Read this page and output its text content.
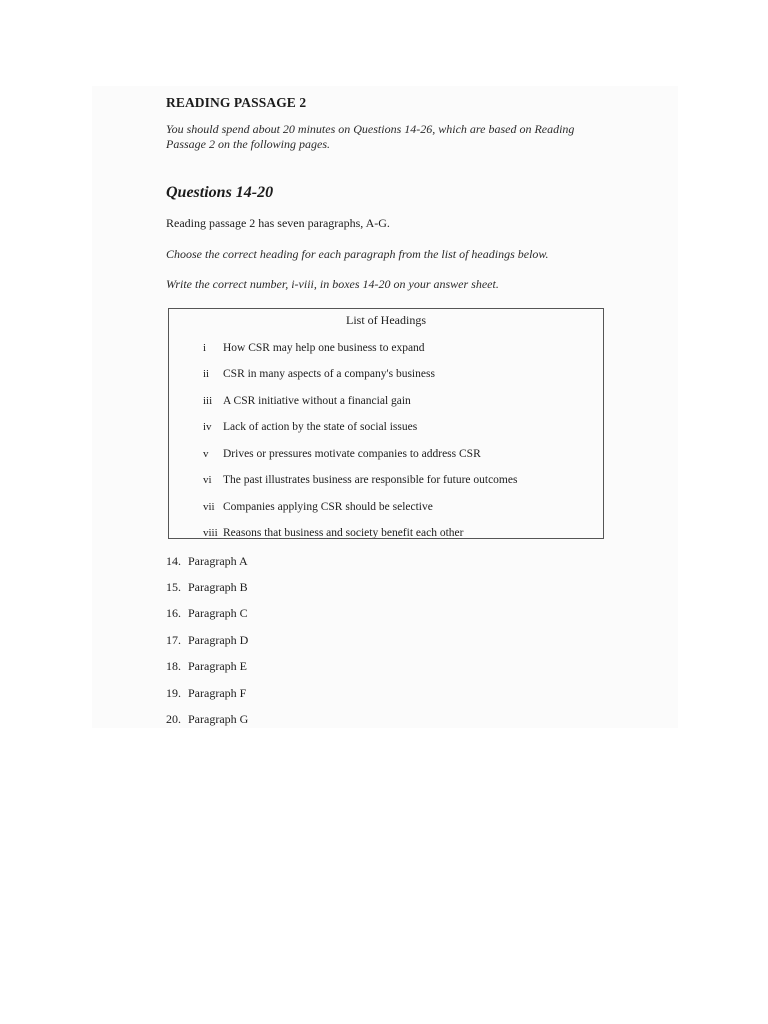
READING PASSAGE 2
You should spend about 20 minutes on Questions 14-26, which are based on Reading
Passage 2 on the following pages.
Questions 14-20
Reading passage 2 has seven paragraphs, A-G.
Choose the correct heading for each paragraph from the list of headings below.
Write the correct number, i-viii, in boxes 14-20 on your answer sheet.
List of Headings
i How CSR may help one business to expand
ii CSR in many aspects of a company's business
iii A CSR initiative without a financial gain
iv Lack of action by the state of social issues
v Drives or pressures motivate companies to address CSR
vi The past illustrates business are responsible for future outcomes
vii Companies applying CSR should be selective
viii Reasons that business and society benefit each other
14. Paragraph A
15. Paragraph B
16. Paragraph C
17. Paragraph D
18. Paragraph E
19. Paragraph F
20. Paragraph G
